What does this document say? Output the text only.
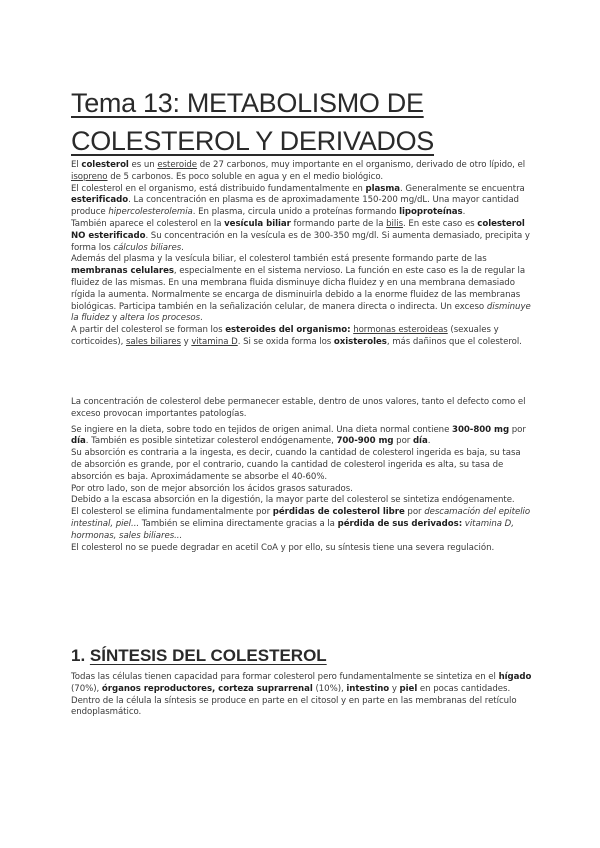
Tema 13: METABOLISMO DE
COLESTEROL Y DERIVADOS

El colesterol es un esteroide de 27 carbonos, muy importante en el organismo, derivado de otro lípido, el isopreno de 5 carbonos. Es poco soluble en agua y en el medio biológico.

El colesterol en el organismo, está distribuido fundamentalmente en plasma. Generalmente se encuentra esterificado. La concentración en plasma es de aproximadamente 150-200 mg/dL. Una mayor cantidad produce hipercolesterolemia. En plasma, circula unido a proteínas formando lipoproteínas.

También aparece el colesterol en la vesícula biliar formando parte de la bilis. En este caso es colesterol NO esterificado. Su concentración en la vesícula es de 300-350 mg/dl. Si aumenta demasiado, precipita y forma los cálculos biliares.

Además del plasma y la vesícula biliar, el colesterol también está presente formando parte de las membranas celulares, especialmente en el sistema nervioso. La función en este caso es la de regular la fluidez de las mismas. En una membrana fluida disminuye dicha fluidez y en una membrana demasiado rígida la aumenta. Normalmente se encarga de disminuirla debido a la enorme fluidez de las membranas biológicas. Participa también en la señalización celular, de manera directa o indirecta. Un exceso disminuye la fluidez y altera los procesos.

A partir del colesterol se forman los esteroides del organismo: hormonas esteroideas (sexuales y corticoides), sales biliares y vitamina D. Si se oxida forma los oxisteroles, más dañinos que el colesterol.

La concentración de colesterol debe permanecer estable, dentro de unos valores, tanto el defecto como el exceso provocan importantes patologías.

Se ingiere en la dieta, sobre todo en tejidos de origen animal. Una dieta normal contiene 300-800 mg por día. También es posible sintetizar colesterol endógenamente, 700-900 mg por día.

Su absorción es contraria a la ingesta, es decir, cuando la cantidad de colesterol ingerida es baja, su tasa de absorción es grande, por el contrario, cuando la cantidad de colesterol ingerida es alta, su tasa de absorción es baja. Aproximádamente se absorbe el 40-60%.

Por otro lado, son de mejor absorción los ácidos grasos saturados.

Debido a la escasa absorción en la digestión, la mayor parte del colesterol se sintetiza endógenamente.

El colesterol se elimina fundamentalmente por pérdidas de colesterol libre por descamación del epitelio intestinal, piel... También se elimina directamente gracias a la pérdida de sus derivados: vitamina D, hormonas, sales biliares...

El colesterol no se puede degradar en acetil CoA y por ello, su síntesis tiene una severa regulación.

1. SÍNTESIS DEL COLESTEROL

Todas las células tienen capacidad para formar colesterol pero fundamentalmente se sintetiza en el hígado (70%), órganos reproductores, corteza suprarrenal (10%), intestino y piel en pocas cantidades.

Dentro de la célula la síntesis se produce en parte en el citosol y en parte en las membranas del retículo endoplasmático.
